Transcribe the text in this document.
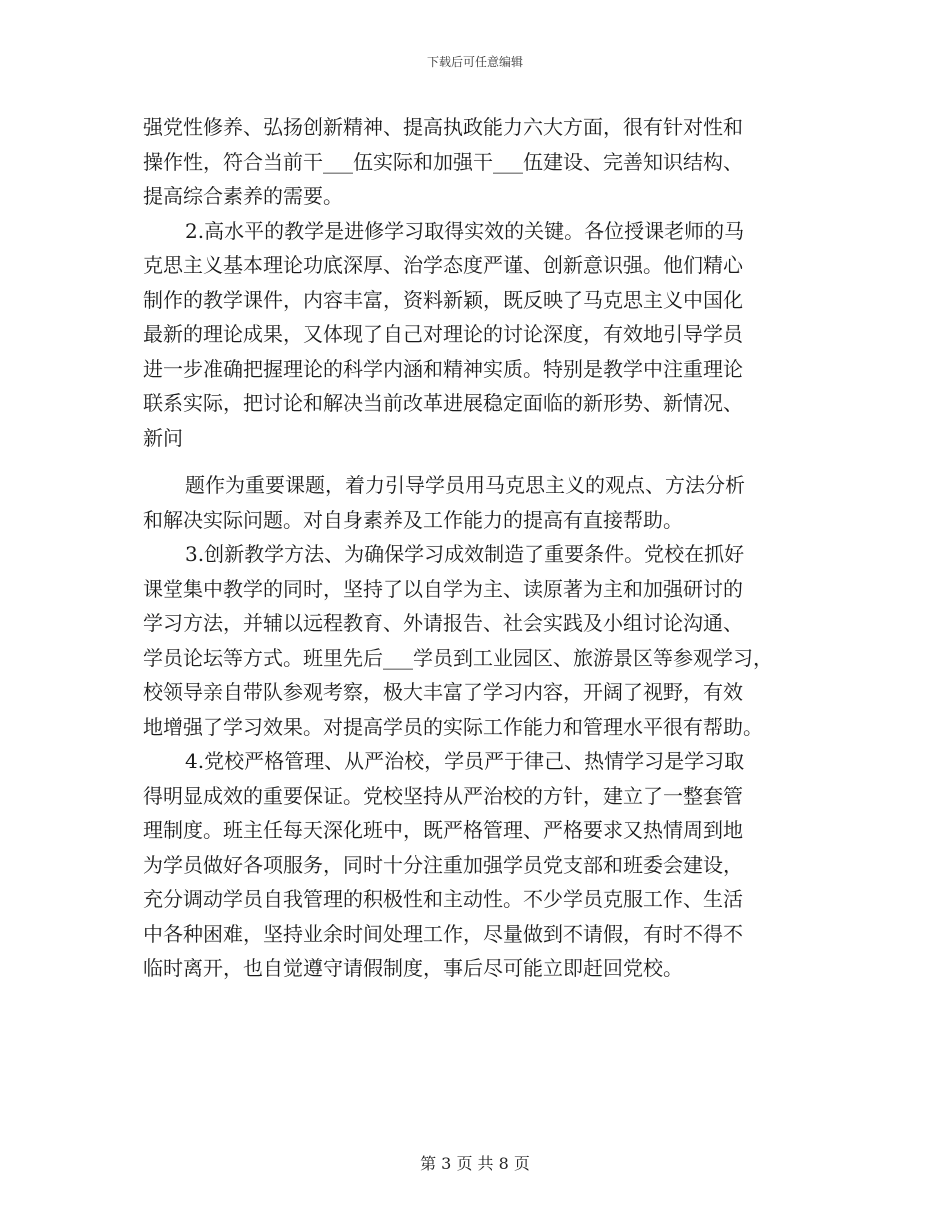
下载后可任意编辑
强党性修养、弘扬创新精神、提高执政能力六大方面，很有针对性和
操作性，符合当前干___伍实际和加强干___伍建设、完善知识结构、
提高综合素养的需要。
2.高水平的教学是进修学习取得实效的关键。各位授课老师的马
克思主义基本理论功底深厚、治学态度严谨、创新意识强。他们精心
制作的教学课件，内容丰富，资料新颖，既反映了马克思主义中国化
最新的理论成果，又体现了自己对理论的讨论深度，有效地引导学员
进一步准确把握理论的科学内涵和精神实质。特别是教学中注重理论
联系实际，把讨论和解决当前改革进展稳定面临的新形势、新情况、
新问
题作为重要课题，着力引导学员用马克思主义的观点、方法分析
和解决实际问题。对自身素养及工作能力的提高有直接帮助。
3.创新教学方法、为确保学习成效制造了重要条件。党校在抓好
课堂集中教学的同时，坚持了以自学为主、读原著为主和加强研讨的
学习方法，并辅以远程教育、外请报告、社会实践及小组讨论沟通、
学员论坛等方式。班里先后___学员到工业园区、旅游景区等参观学习，
校领导亲自带队参观考察，极大丰富了学习内容，开阔了视野，有效
地增强了学习效果。对提高学员的实际工作能力和管理水平很有帮助。
4.党校严格管理、从严治校，学员严于律己、热情学习是学习取
得明显成效的重要保证。党校坚持从严治校的方针，建立了一整套管
理制度。班主任每天深化班中，既严格管理、严格要求又热情周到地
为学员做好各项服务，同时十分注重加强学员党支部和班委会建设，
充分调动学员自我管理的积极性和主动性。不少学员克服工作、生活
中各种困难，坚持业余时间处理工作，尽量做到不请假，有时不得不
临时离开，也自觉遵守请假制度，事后尽可能立即赶回党校。
第 3 页 共 8 页
